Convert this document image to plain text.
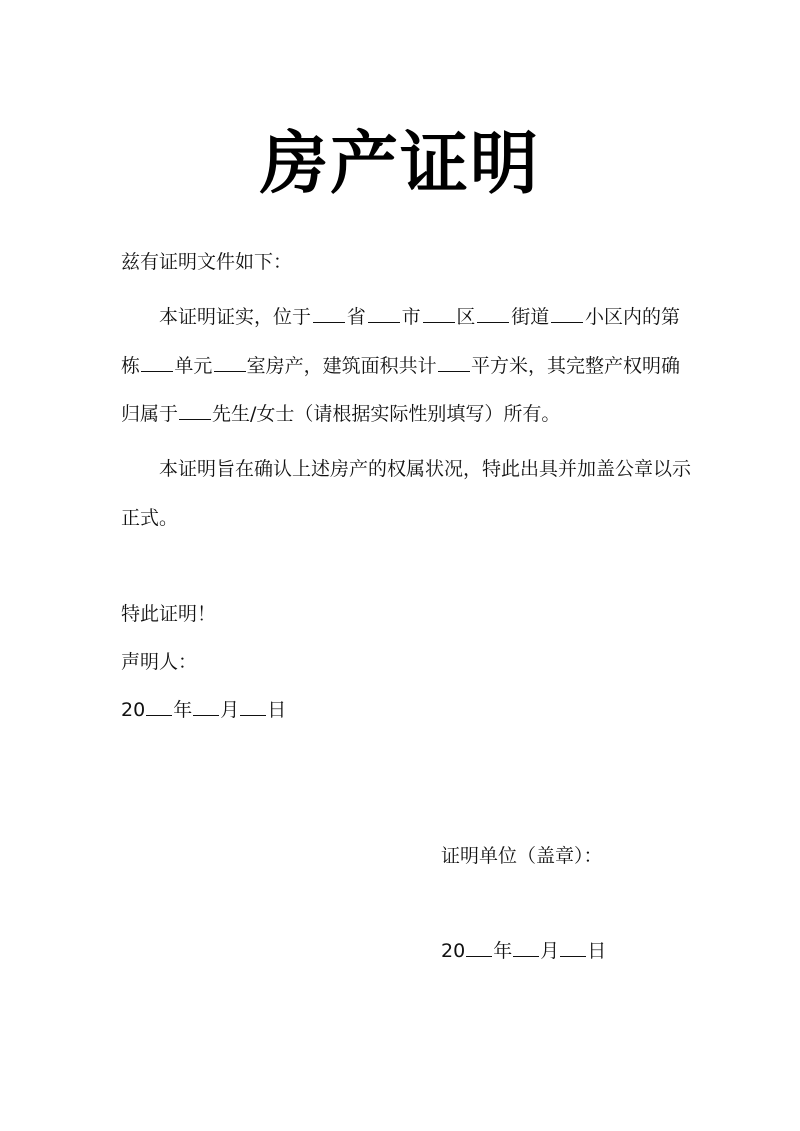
房产证明
兹有证明文件如下：
本证明证实，位于 省 市 区 街道 小区内的第
栋 单元 室房产，建筑面积共计 平方米，其完整产权明确
归属于 先生/女士（请根据实际性别填写）所有。
本证明旨在确认上述房产的权属状况，特此出具并加盖公章以示
正式。
特此证明！
声明人：
20 年 月 日
证明单位（盖章）：
20 年 月 日
